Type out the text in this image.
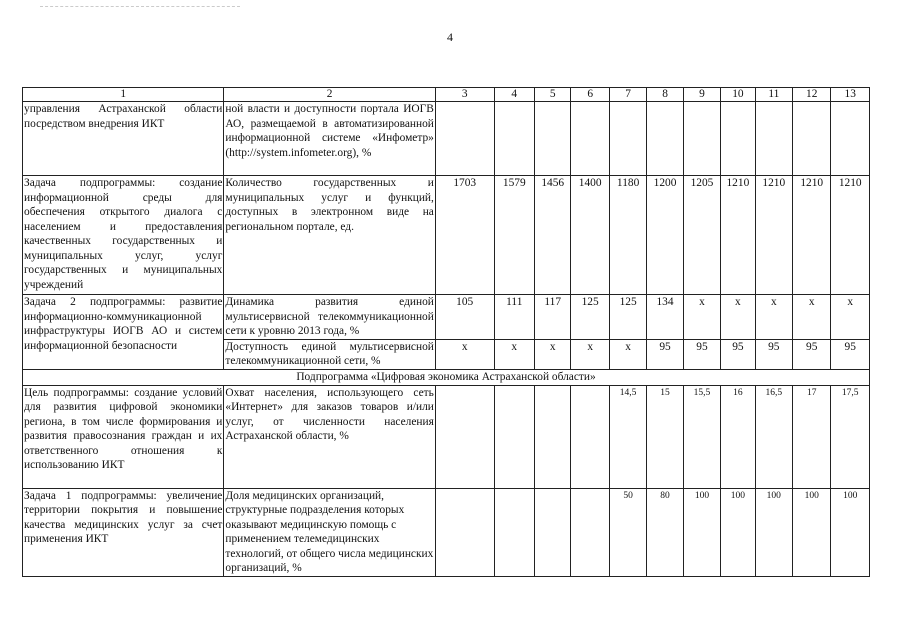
4
1	2	3	4	5	6	7	8	9	10	11	12	13
управления Астраханской области посредством внедрения ИКТ	ной власти и доступности портала ИОГВ АО, размещаемой в автоматизированной информационной системе «Инфометр» (http://system.infometer.org), %											
Задача подпрограммы: создание информационной среды для обеспечения открытого диалога с населением и предоставления качественных государственных и муниципальных услуг, услуг государственных и муниципальных учреждений	Количество государственных и муниципальных услуг и функций, доступных в электронном виде на региональном портале, ед.	1703	1579	1456	1400	1180	1200	1205	1210	1210	1210	1210
Задача 2 подпрограммы: развитие информационно-коммуникационной инфраструктуры ИОГВ АО и систем информационной безопасности	Динамика развития единой мультисервисной телекоммуникационной сети к уровню 2013 года, %	105	111	117	125	125	134	x	x	x	x	x
	Доступность единой мультисервисной телекоммуникационной сети, %	x	x	x	x	x	95	95	95	95	95	95
Подпрограмма «Цифровая экономика Астраханской области»												
Цель подпрограммы: создание условий для развития цифровой экономики региона, в том числе формирования и развития правосознания граждан и их ответственного отношения к использованию ИКТ	Охват населения, использующего сеть «Интернет» для заказов товаров и/или услуг, от численности населения Астраханской области, %					14,5	15	15,5	16	16,5	17	17,5
Задача 1 подпрограммы: увеличение территории покрытия и повышение качества медицинских услуг за счет применения ИКТ	Доля медицинских организаций, структурные подразделения которых оказывают медицинскую помощь с применением телемедицинских технологий, от общего числа медицинских организаций, %					50	80	100	100	100	100	100
